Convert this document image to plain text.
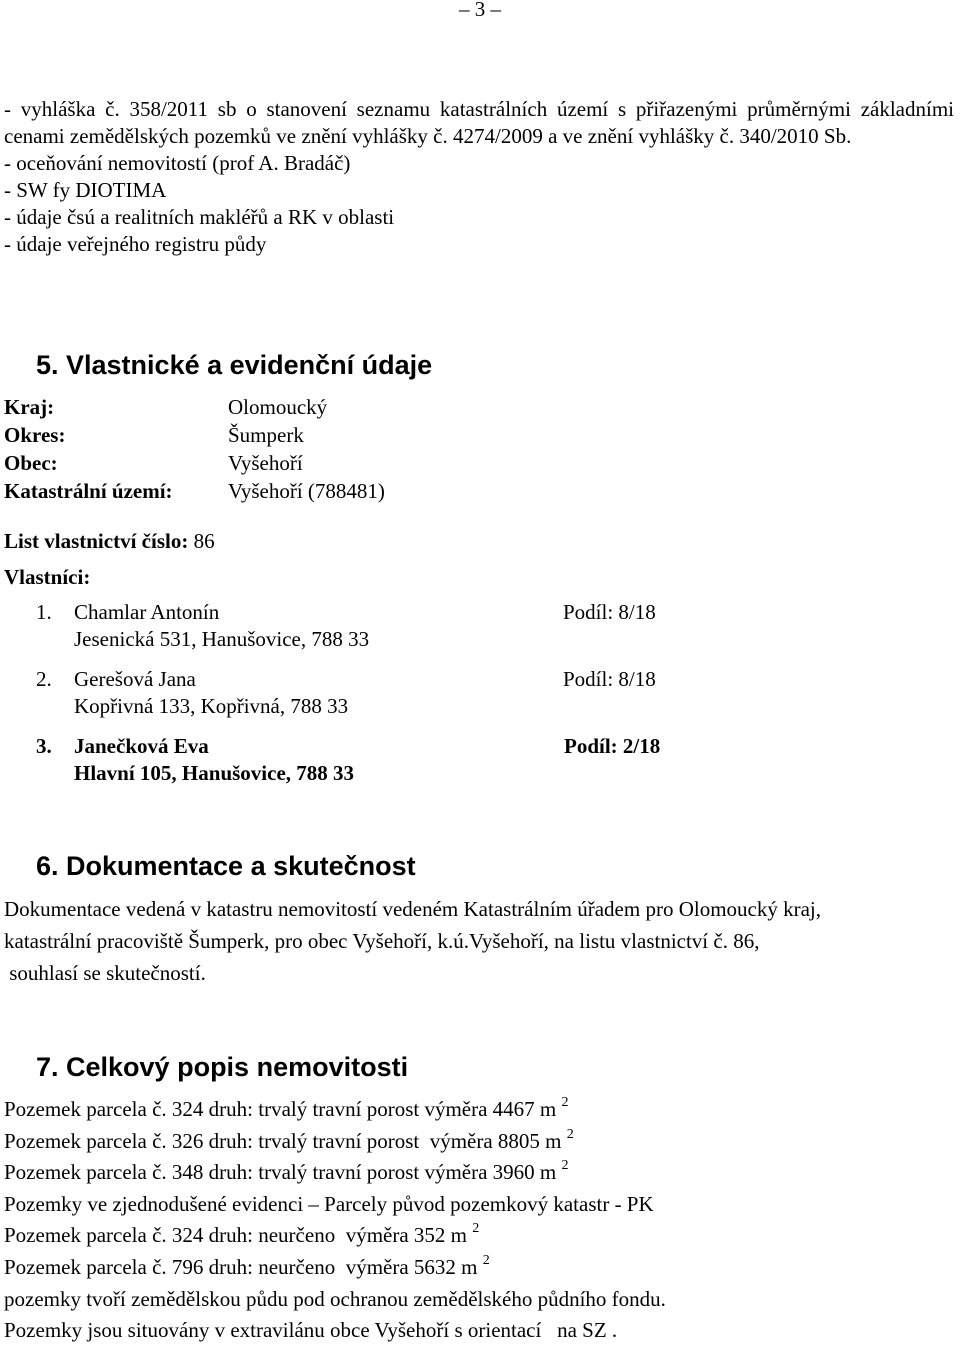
– 3 –
- vyhláška č. 358/2011 sb o stanovení seznamu katastrálních území s přiřazenými průměrnými základními cenami zemědělských pozemků ve znění vyhlášky č. 4274/2009 a ve znění vyhlášky č. 340/2010 Sb.
- oceňování nemovitostí (prof A. Bradáč)
- SW fy DIOTIMA
- údaje čsú a realitních makléřů a RK v oblasti
- údaje veřejného registru půdy
5. Vlastnické a evidenční údaje
Kraj:	Olomoucký
Okres:	Šumperk
Obec:	Vyšehoří
Katastrální území:	Vyšehoří (788481)
List vlastnictví číslo: 86
Vlastníci:
1. Chamlar Antonín	Podíl: 8/18
Jesenická 531, Hanušovice, 788 33
2. Gerešová Jana	Podíl: 8/18
Kopřivná 133, Kopřivná, 788 33
3. Janečková Eva	Podíl: 2/18
Hlavní 105, Hanušovice, 788 33
6. Dokumentace a skutečnost
Dokumentace vedená v katastru nemovitostí vedeném Katastrálním úřadem pro Olomoucký kraj,
katastrální pracoviště Šumperk, pro obec Vyšehoří, k.ú.Vyšehoří, na listu vlastnictví č. 86,
souhlasí se skutečností.
7. Celkový popis nemovitosti
Pozemek parcela č. 324 druh: trvalý travní porost výměra 4467 m $^2$
Pozemek parcela č. 326 druh: trvalý travní porost  výměra 8805 m $^2$
Pozemek parcela č. 348 druh: trvalý travní porost výměra 3960 m $^2$
Pozemky ve zjednodušené evidenci – Parcely původ pozemkový katastr - PK
Pozemek parcela č. 324 druh: neurčeno  výměra 352 m $^2$
Pozemek parcela č. 796 druh: neurčeno  výměra 5632 m $^2$
pozemky tvoří zemědělskou půdu pod ochranou zemědělského půdního fondu.
Pozemky jsou situovány v extravilánu obce Vyšehoří s orientací   na SZ .
